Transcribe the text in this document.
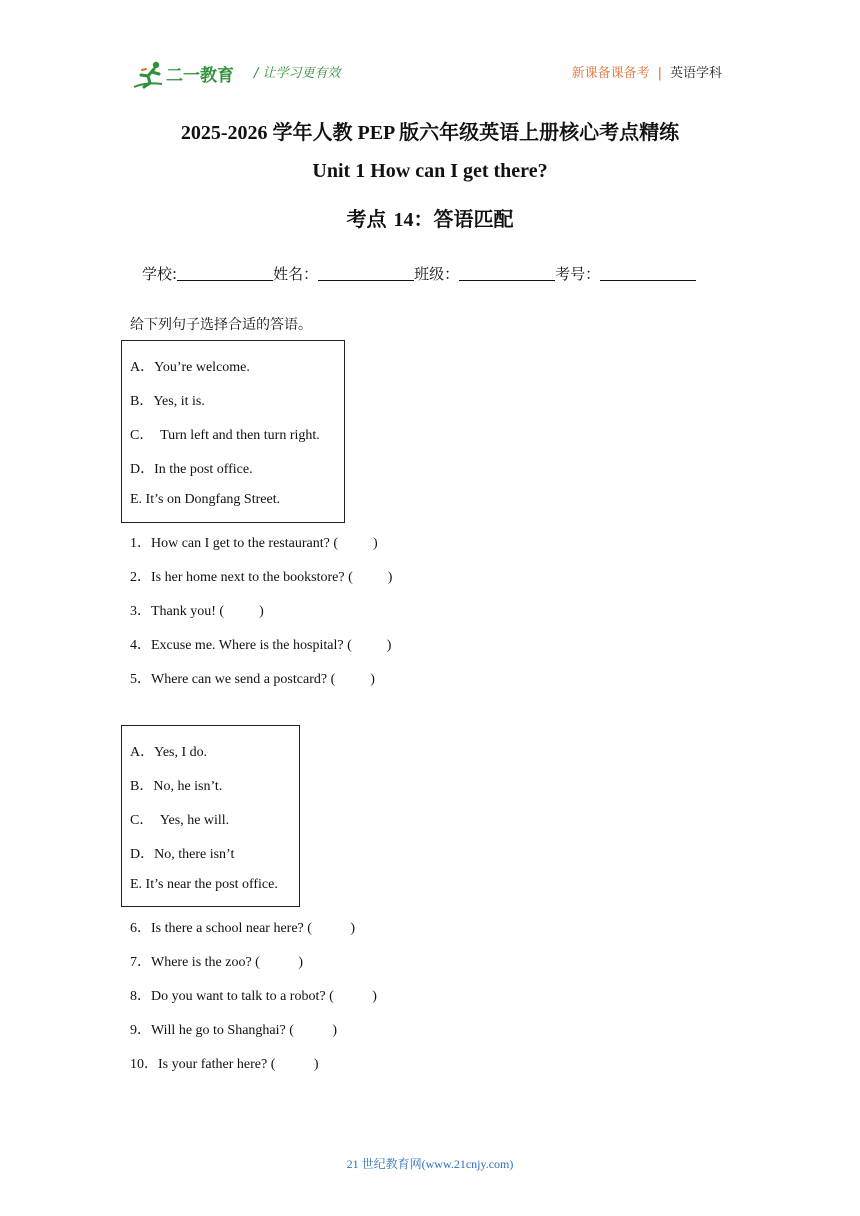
二一教育 / 让学习更有效	新课备课备考 | 英语学科
2025-2026 学年人教 PEP 版六年级英语上册核心考点精练
Unit 1 How can I get there?
考点 14：答语匹配
学校:	姓名：	班级：	考号：
给下列句子选择合适的答语。
A．You’re welcome.
B．Yes, it is.
C．  Turn left and then turn right.
D．In the post office.
E. It’s on Dongfang Street.
1．How can I get to the restaurant? (          )
2．Is her home next to the bookstore? (          )
3．Thank you! (          )
4．Excuse me. Where is the hospital? (          )
5．Where can we send a postcard? (          )
A．Yes, I do.
B．No, he isn’t.
C．  Yes, he will.
D．No, there isn’t
E. It’s near the post office.
6．Is there a school near here? (           )
7．Where is the zoo? (           )
8．Do you want to talk to a robot? (           )
9．Will he go to Shanghai? (           )
10．Is your father here? (           )
21 世纪教育网(www.21cnjy.com)
